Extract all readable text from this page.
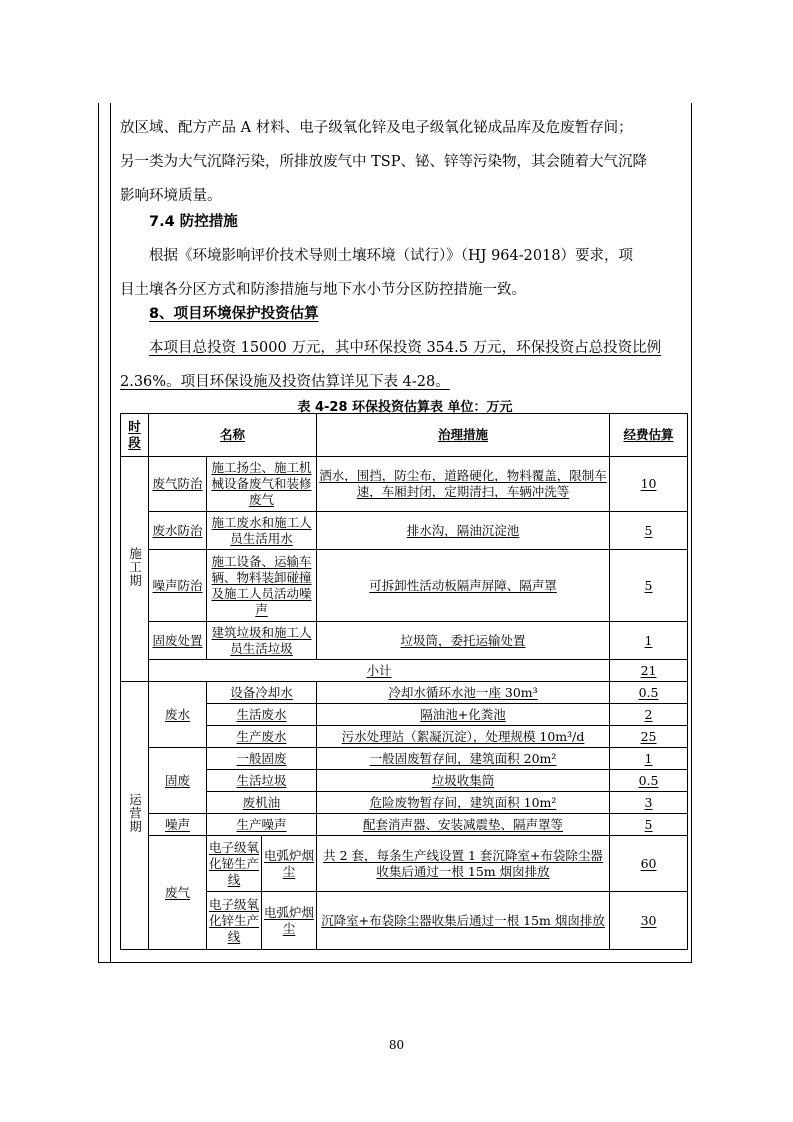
放区域、配方产品 A 材料、电子级氧化锌及电子级氧化铋成品库及危废暂存间；
另一类为大气沉降污染，所排放废气中 TSP、铋、锌等污染物，其会随着大气沉降
影响环境质量。
7.4 防控措施
根据《环境影响评价技术导则土壤环境（试行）》（HJ 964-2018）要求，项
目土壤各分区方式和防渗措施与地下水小节分区防控措施一致。
8、项目环境保护投资估算
本项目总投资 15000 万元，其中环保投资 354.5 万元，环保投资占总投资比例
2.36%。项目环保设施及投资估算详见下表 4-28。
表 4-28 环保投资估算表 单位：万元
时段	名称			治理措施	经费估算
施工期	废气防治	施工扬尘、施工机械设备废气和装修废气		洒水，围挡，防尘布，道路硬化，物料覆盖，限制车速，车厢封闭，定期清扫，车辆冲洗等	10
	废水防治	施工废水和施工人员生活用水		排水沟，隔油沉淀池	5
	噪声防治	施工设备、运输车辆、物料装卸碰撞及施工人员活动噪声		可拆卸性活动板隔声屏障、隔声罩	5
	固废处置	建筑垃圾和施工人员生活垃圾		垃圾筒，委托运输处置	1
	小计				21
运营期	废水	设备冷却水		冷却水循环水池一座 30m³	0.5
		生活废水		隔油池+化粪池	2
		生产废水		污水处理站（絮凝沉淀），处理规模 10m³/d	25
	固废	一般固废		一般固废暂存间，建筑面积 20m²	1
		生活垃圾		垃圾收集筒	0.5
		废机油		危险废物暂存间，建筑面积 10m²	3
	噪声	生产噪声		配套消声器、安装减震垫、隔声罩等	5
	废气	电子级氧化铋生产线	电弧炉烟尘	共 2 套，每条生产线设置 1 套沉降室+布袋除尘器收集后通过一根 15m 烟囱排放	60
		电子级氧化锌生产线	电弧炉烟尘	沉降室+布袋除尘器收集后通过一根 15m 烟囱排放	30
80
